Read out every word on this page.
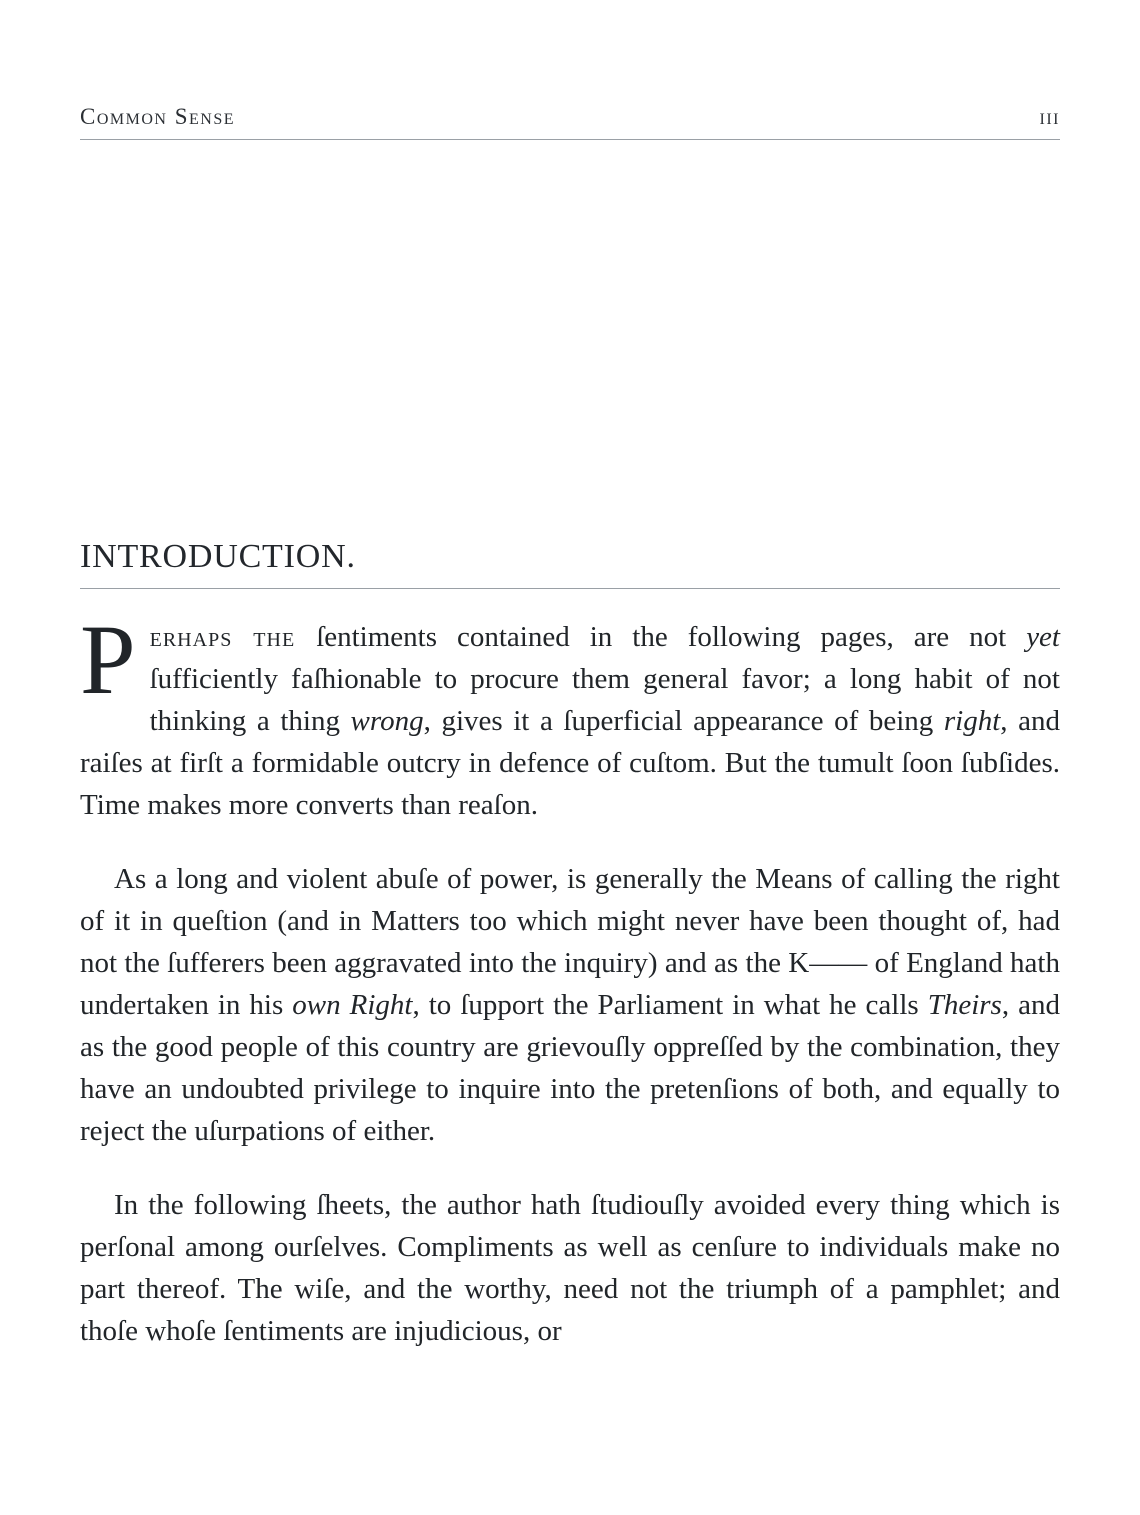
Common Sense	iii
INTRODUCTION.

Perhaps the ſentiments contained in the following pages, are not yet ſufficiently faſhionable to procure them general favor; a long habit of not thinking a thing wrong, gives it a ſuperficial appearance of being right, and raiſes at firſt a formidable outcry in defence of cuſtom. But the tumult ſoon ſubſides. Time makes more converts than reaſon.

As a long and violent abuſe of power, is generally the Means of calling the right of it in queſtion (and in Matters too which might never have been thought of, had not the ſufferers been aggravated into the inquiry) and as the K—— of England hath undertaken in his own Right, to ſupport the Parliament in what he calls Theirs, and as the good people of this country are grievouſly oppreſſed by the combination, they have an undoubted privilege to inquire into the pretenſions of both, and equally to reject the uſurpations of either.

In the following ſheets, the author hath ſtudiouſly avoided every thing which is perſonal among ourſelves. Compliments as well as cenſure to individuals make no part thereof. The wiſe, and the worthy, need not the triumph of a pamphlet; and thoſe whoſe ſentiments are injudicious, or
